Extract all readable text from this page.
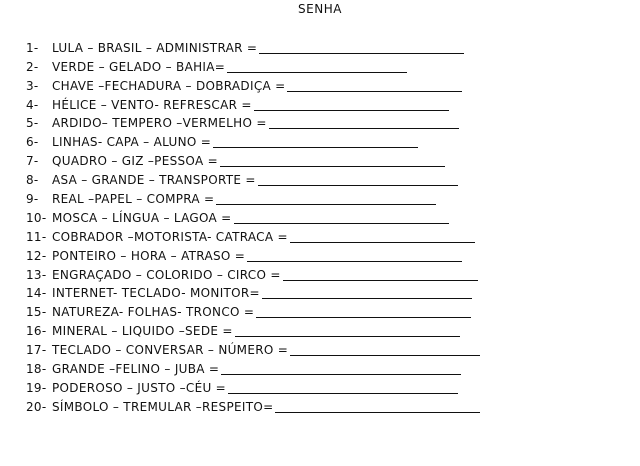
SENHA
1-	LULA – BRASIL – ADMINISTRAR =
2-	VERDE – GELADO – BAHIA=
3-	CHAVE –FECHADURA – DOBRADIÇA =
4-	HÉLICE – VENTO- REFRESCAR =
5-	ARDIDO– TEMPERO –VERMELHO =
6-	LINHAS- CAPA – ALUNO =
7-	QUADRO – GIZ –PESSOA =
8-	ASA – GRANDE – TRANSPORTE =
9-	REAL –PAPEL – COMPRA =
10- MOSCA – LÍNGUA – LAGOA =
11- COBRADOR –MOTORISTA- CATRACA =
12- PONTEIRO – HORA – ATRASO =
13- ENGRAÇADO – COLORIDO – CIRCO =
14- INTERNET- TECLADO- MONITOR=
15- NATUREZA- FOLHAS- TRONCO =
16- MINERAL – LIQUIDO –SEDE =
17- TECLADO – CONVERSAR – NÚMERO =
18- GRANDE –FELINO – JUBA =
19- PODEROSO – JUSTO –CÉU =
20- SÍMBOLO – TREMULAR –RESPEITO=
